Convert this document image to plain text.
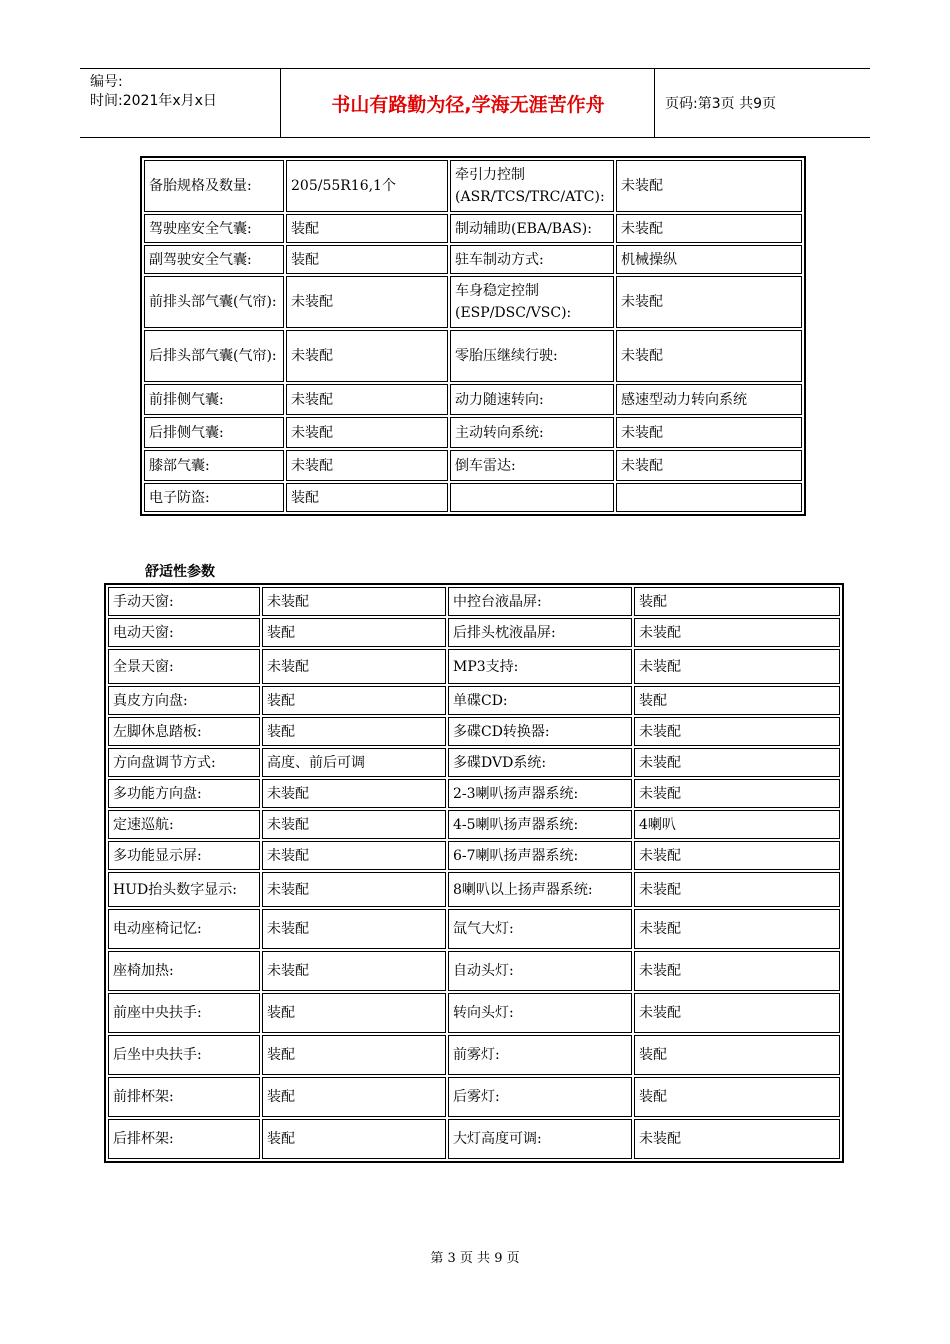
编号:
时间:2021年x月x日	书山有路勤为径,学海无涯苦作舟	页码:第3页 共9页
备胎规格及数量:	205/55R16,1个	牵引力控制(ASR/TCS/TRC/ATC):	未装配
驾驶座安全气囊:	装配	制动辅助(EBA/BAS):	未装配
副驾驶安全气囊:	装配	驻车制动方式:	机械操纵
前排头部气囊(气帘):	未装配	车身稳定控制(ESP/DSC/VSC):	未装配
后排头部气囊(气帘):	未装配	零胎压继续行驶:	未装配
前排侧气囊:	未装配	动力随速转向:	感速型动力转向系统
后排侧气囊:	未装配	主动转向系统:	未装配
膝部气囊:	未装配	倒车雷达:	未装配
电子防盗:	装配		
舒适性参数
手动天窗:	未装配	中控台液晶屏:	装配
电动天窗:	装配	后排头枕液晶屏:	未装配
全景天窗:	未装配	MP3支持:	未装配
真皮方向盘:	装配	单碟CD:	装配
左脚休息踏板:	装配	多碟CD转换器:	未装配
方向盘调节方式:	高度、前后可调	多碟DVD系统:	未装配
多功能方向盘:	未装配	2-3喇叭扬声器系统:	未装配
定速巡航:	未装配	4-5喇叭扬声器系统:	4喇叭
多功能显示屏:	未装配	6-7喇叭扬声器系统:	未装配
HUD抬头数字显示:	未装配	8喇叭以上扬声器系统:	未装配
电动座椅记忆:	未装配	氙气大灯:	未装配
座椅加热:	未装配	自动头灯:	未装配
前座中央扶手:	装配	转向头灯:	未装配
后坐中央扶手:	装配	前雾灯:	装配
前排杯架:	装配	后雾灯:	装配
后排杯架:	装配	大灯高度可调:	未装配
第 3 页 共 9 页
